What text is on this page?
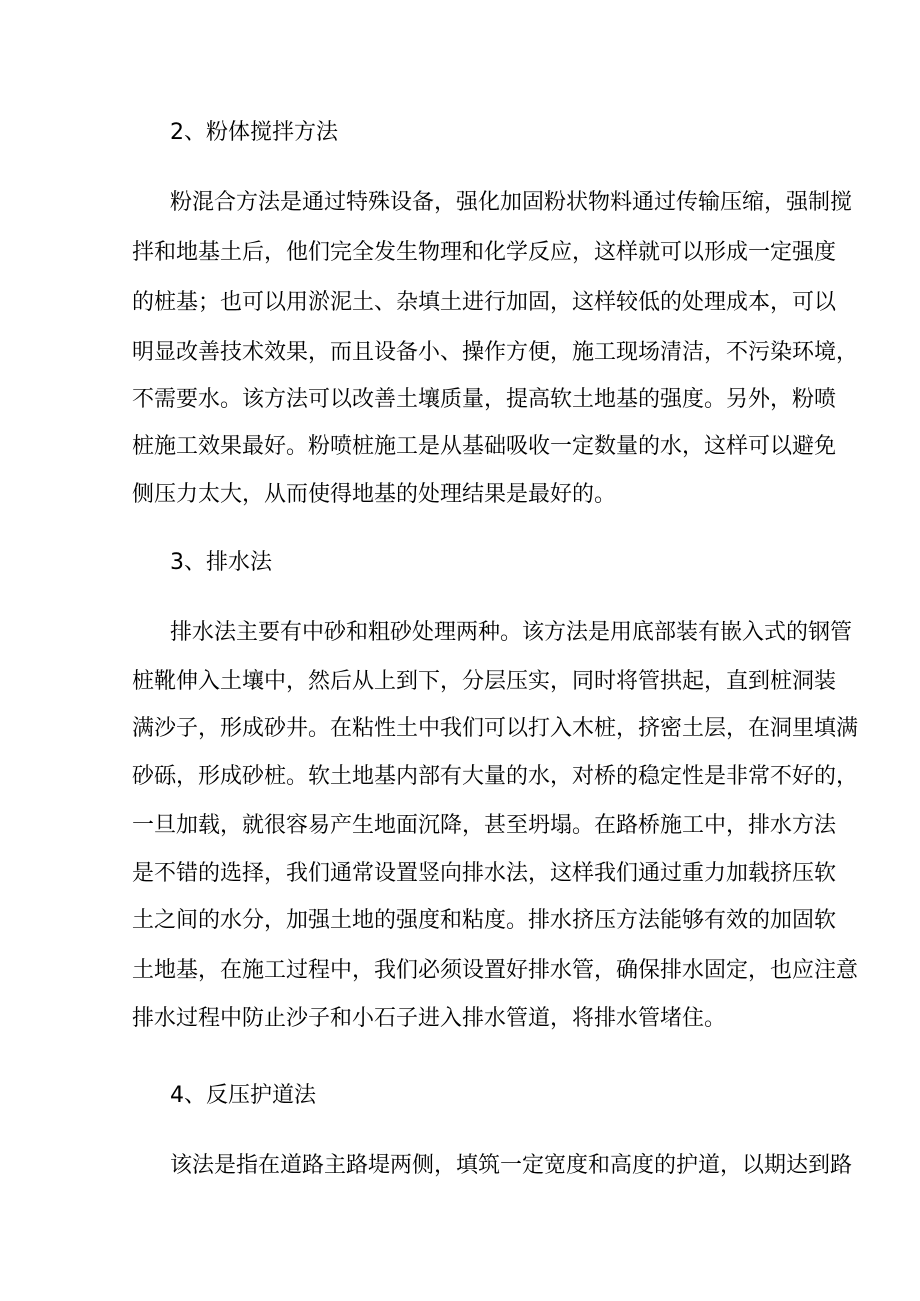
2、粉体搅拌方法
粉混合方法是通过特殊设备，强化加固粉状物料通过传输压缩，强制搅
拌和地基土后，他们完全发生物理和化学反应，这样就可以形成一定强度
的桩基；也可以用淤泥土、杂填土进行加固，这样较低的处理成本，可以
明显改善技术效果，而且设备小、操作方便，施工现场清洁，不污染环境，
不需要水。该方法可以改善土壤质量，提高软土地基的强度。另外，粉喷
桩施工效果最好。粉喷桩施工是从基础吸收一定数量的水，这样可以避免
侧压力太大，从而使得地基的处理结果是最好的。
3、排水法
排水法主要有中砂和粗砂处理两种。该方法是用底部装有嵌入式的钢管
桩靴伸入土壤中，然后从上到下，分层压实，同时将管拱起，直到桩洞装
满沙子，形成砂井。在粘性土中我们可以打入木桩，挤密土层，在洞里填满
砂砾，形成砂桩。软土地基内部有大量的水，对桥的稳定性是非常不好的，
一旦加载，就很容易产生地面沉降，甚至坍塌。在路桥施工中，排水方法
是不错的选择，我们通常设置竖向排水法，这样我们通过重力加载挤压软
土之间的水分，加强土地的强度和粘度。排水挤压方法能够有效的加固软
土地基，在施工过程中，我们必须设置好排水管，确保排水固定，也应注意
排水过程中防止沙子和小石子进入排水管道，将排水管堵住。
4、反压护道法
该法是指在道路主路堤两侧，填筑一定宽度和高度的护道，以期达到路
